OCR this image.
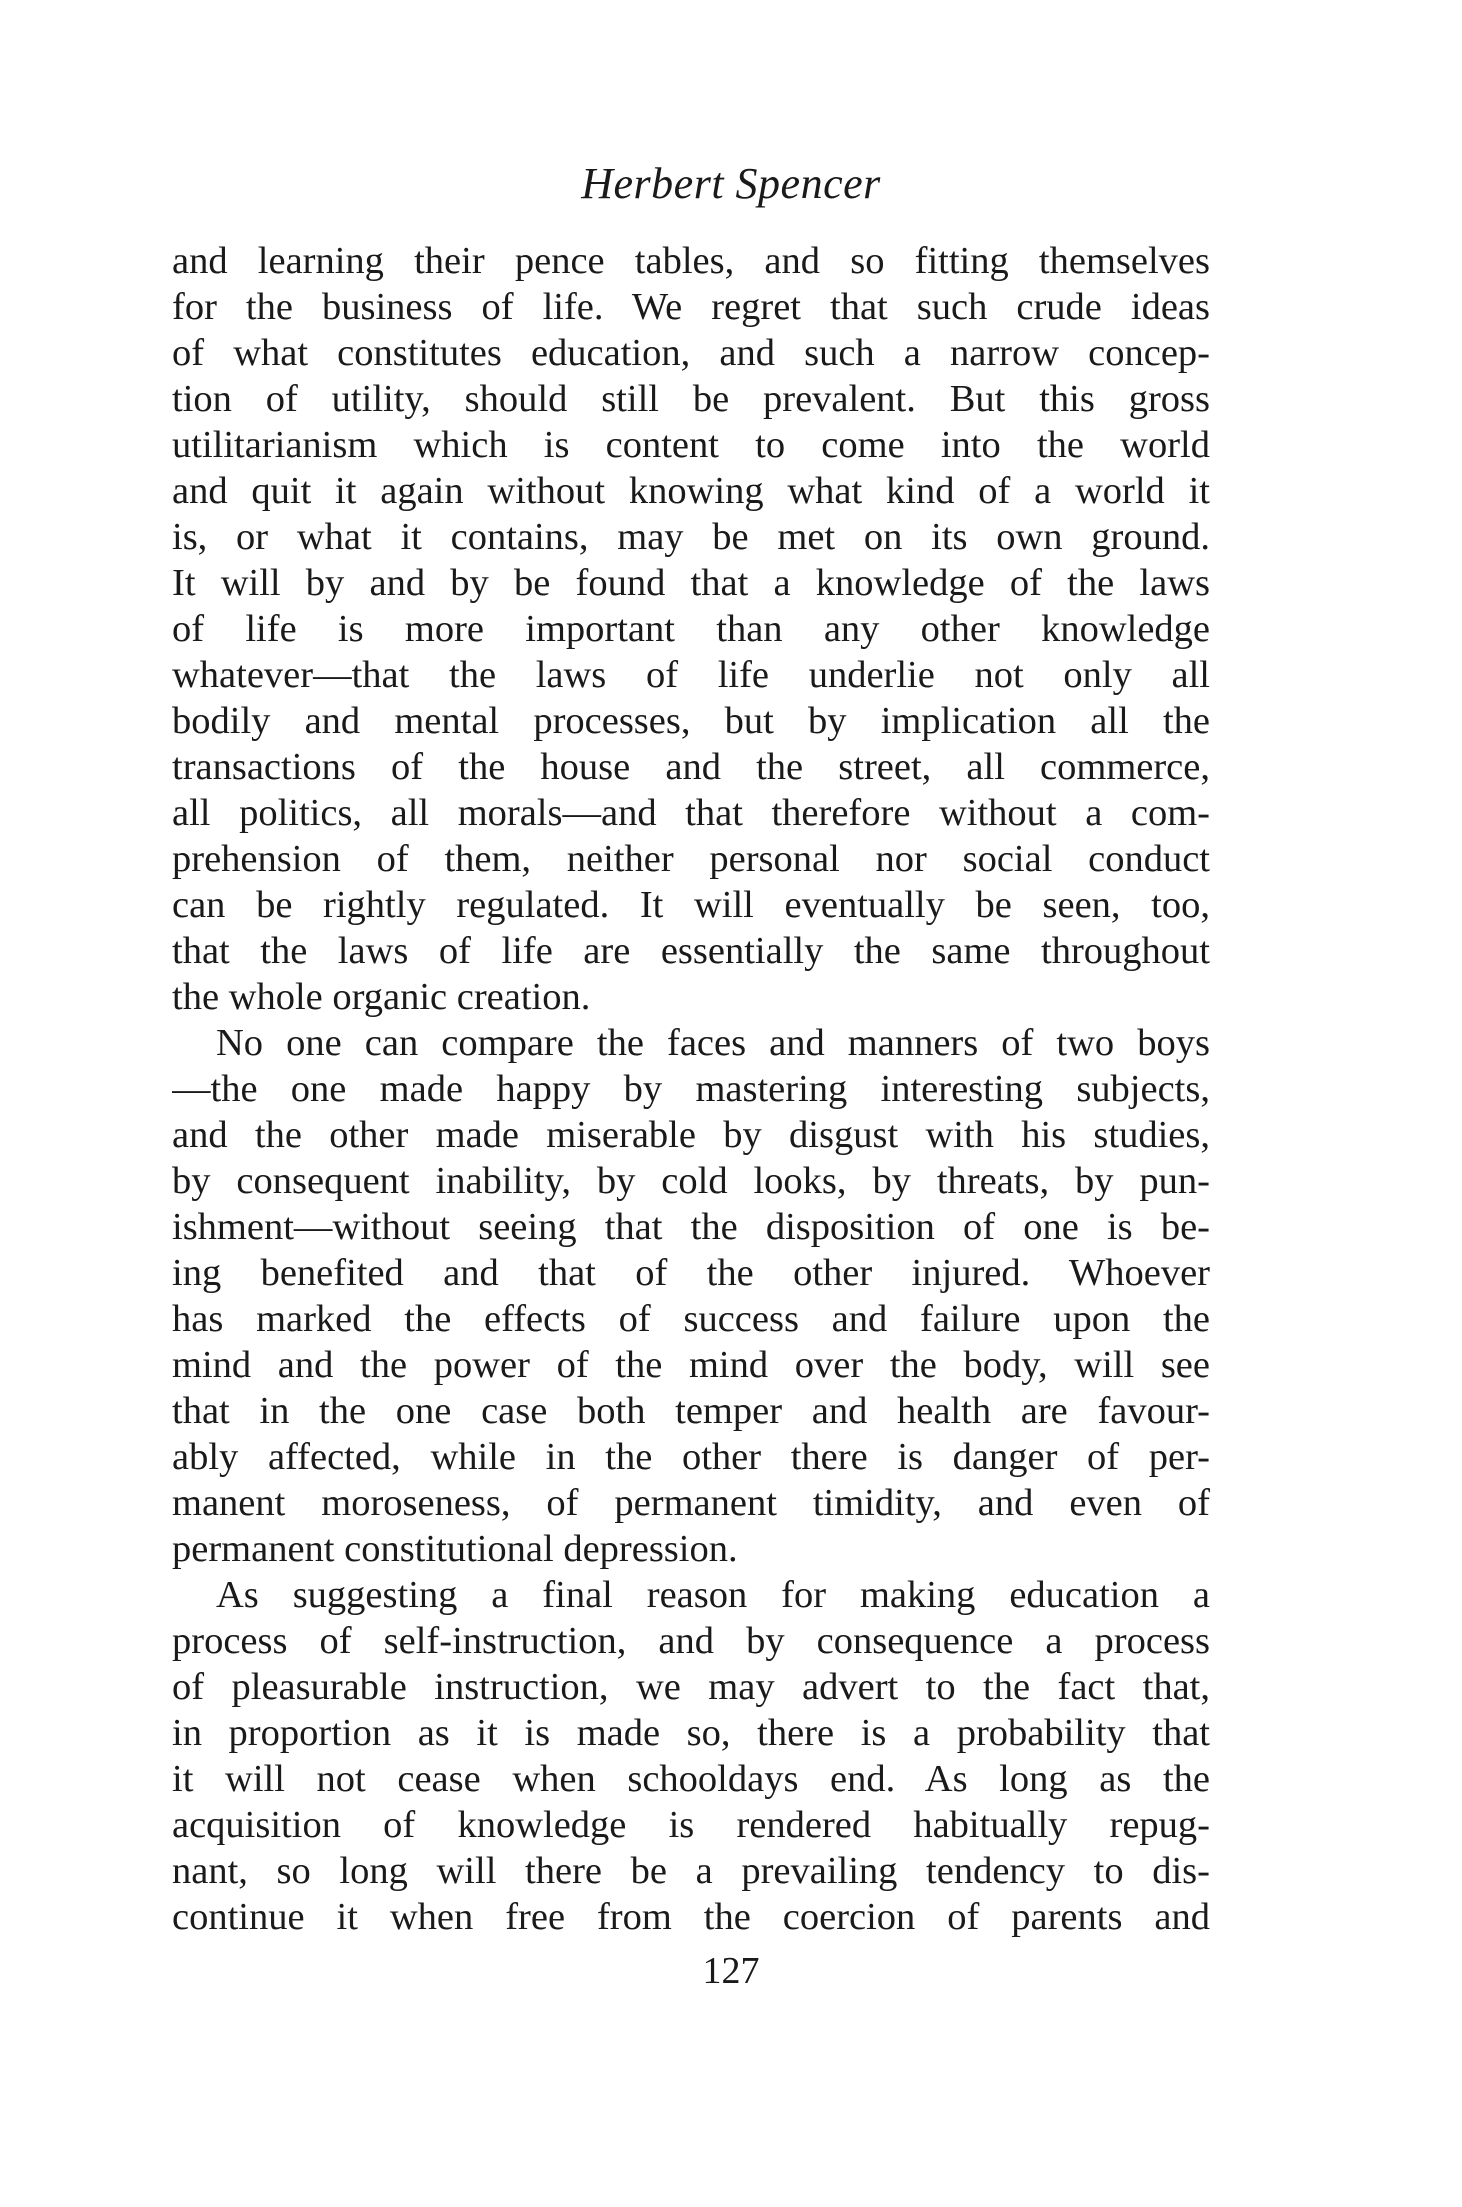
Herbert Spencer
and learning their pence tables, and so fitting themselves
for the business of life. We regret that such crude ideas
of what constitutes education, and such a narrow concep-
tion of utility, should still be prevalent. But this gross
utilitarianism which is content to come into the world
and quit it again without knowing what kind of a world it
is, or what it contains, may be met on its own ground.
It will by and by be found that a knowledge of the laws
of life is more important than any other knowledge
whatever—that the laws of life underlie not only all
bodily and mental processes, but by implication all the
transactions of the house and the street, all commerce,
all politics, all morals—and that therefore without a com-
prehension of them, neither personal nor social conduct
can be rightly regulated. It will eventually be seen, too,
that the laws of life are essentially the same throughout
the whole organic creation.
No one can compare the faces and manners of two boys
—the one made happy by mastering interesting subjects,
and the other made miserable by disgust with his studies,
by consequent inability, by cold looks, by threats, by pun-
ishment—without seeing that the disposition of one is be-
ing benefited and that of the other injured. Whoever
has marked the effects of success and failure upon the
mind and the power of the mind over the body, will see
that in the one case both temper and health are favour-
ably affected, while in the other there is danger of per-
manent moroseness, of permanent timidity, and even of
permanent constitutional depression.
As suggesting a final reason for making education a
process of self-instruction, and by consequence a process
of pleasurable instruction, we may advert to the fact that,
in proportion as it is made so, there is a probability that
it will not cease when schooldays end. As long as the
acquisition of knowledge is rendered habitually repug-
nant, so long will there be a prevailing tendency to dis-
continue it when free from the coercion of parents and
127
